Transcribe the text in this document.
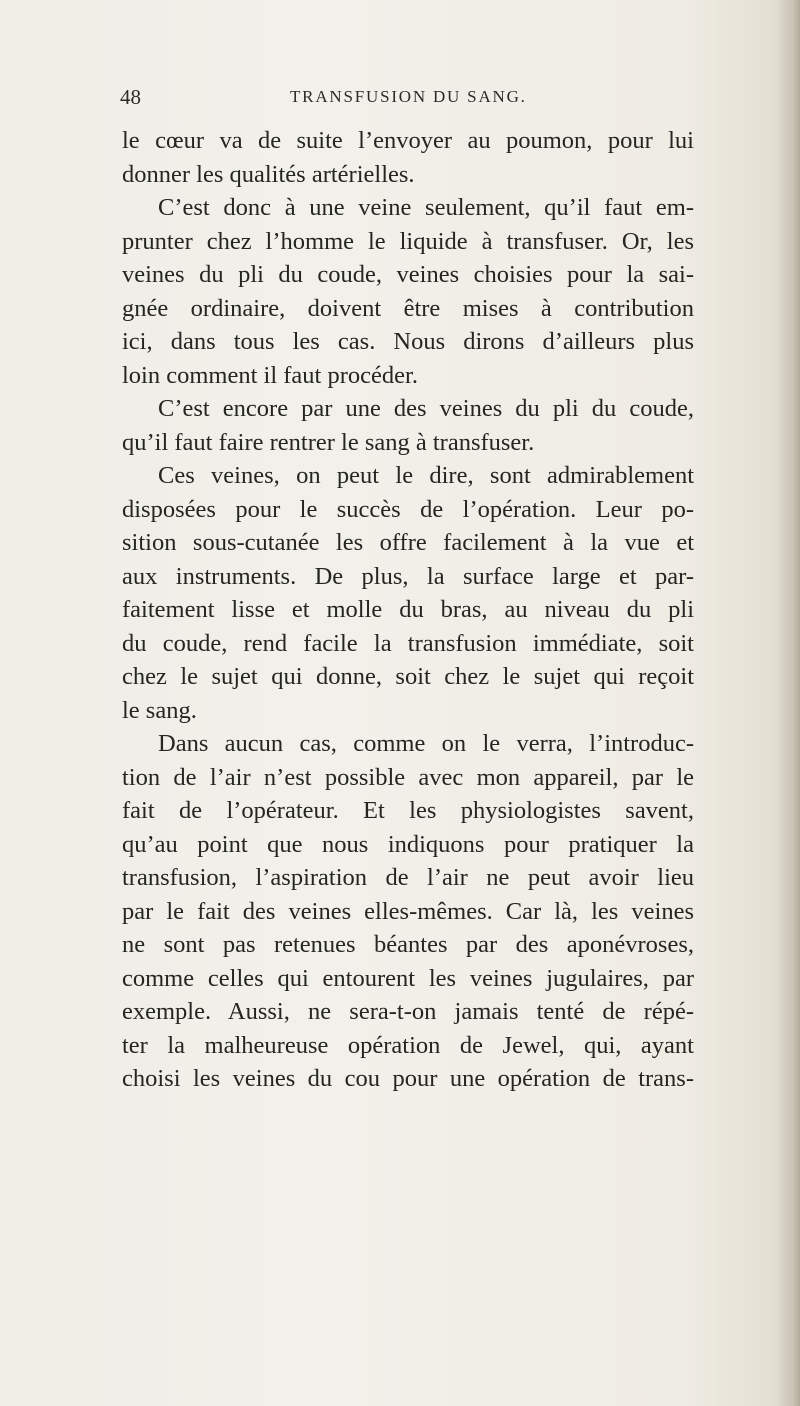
48	TRANSFUSION DU SANG.
le cœur va de suite l’envoyer au poumon, pour lui
donner les qualités artérielles.
C’est donc à une veine seulement, qu’il faut em-
prunter chez l’homme le liquide à transfuser. Or, les
veines du pli du coude, veines choisies pour la sai-
gnée ordinaire, doivent être mises à contribution
ici, dans tous les cas. Nous dirons d’ailleurs plus
loin comment il faut procéder.
C’est encore par une des veines du pli du coude,
qu’il faut faire rentrer le sang à transfuser.
Ces veines, on peut le dire, sont admirablement
disposées pour le succès de l’opération. Leur po-
sition sous-cutanée les offre facilement à la vue et
aux instruments. De plus, la surface large et par-
faitement lisse et molle du bras, au niveau du pli
du coude, rend facile la transfusion immédiate, soit
chez le sujet qui donne, soit chez le sujet qui reçoit
le sang.
Dans aucun cas, comme on le verra, l’introduc-
tion de l’air n’est possible avec mon appareil, par le
fait de l’opérateur. Et les physiologistes savent,
qu’au point que nous indiquons pour pratiquer la
transfusion, l’aspiration de l’air ne peut avoir lieu
par le fait des veines elles-mêmes. Car là, les veines
ne sont pas retenues béantes par des aponévroses,
comme celles qui entourent les veines jugulaires, par
exemple. Aussi, ne sera-t-on jamais tenté de répé-
ter la malheureuse opération de Jewel, qui, ayant
choisi les veines du cou pour une opération de trans-
